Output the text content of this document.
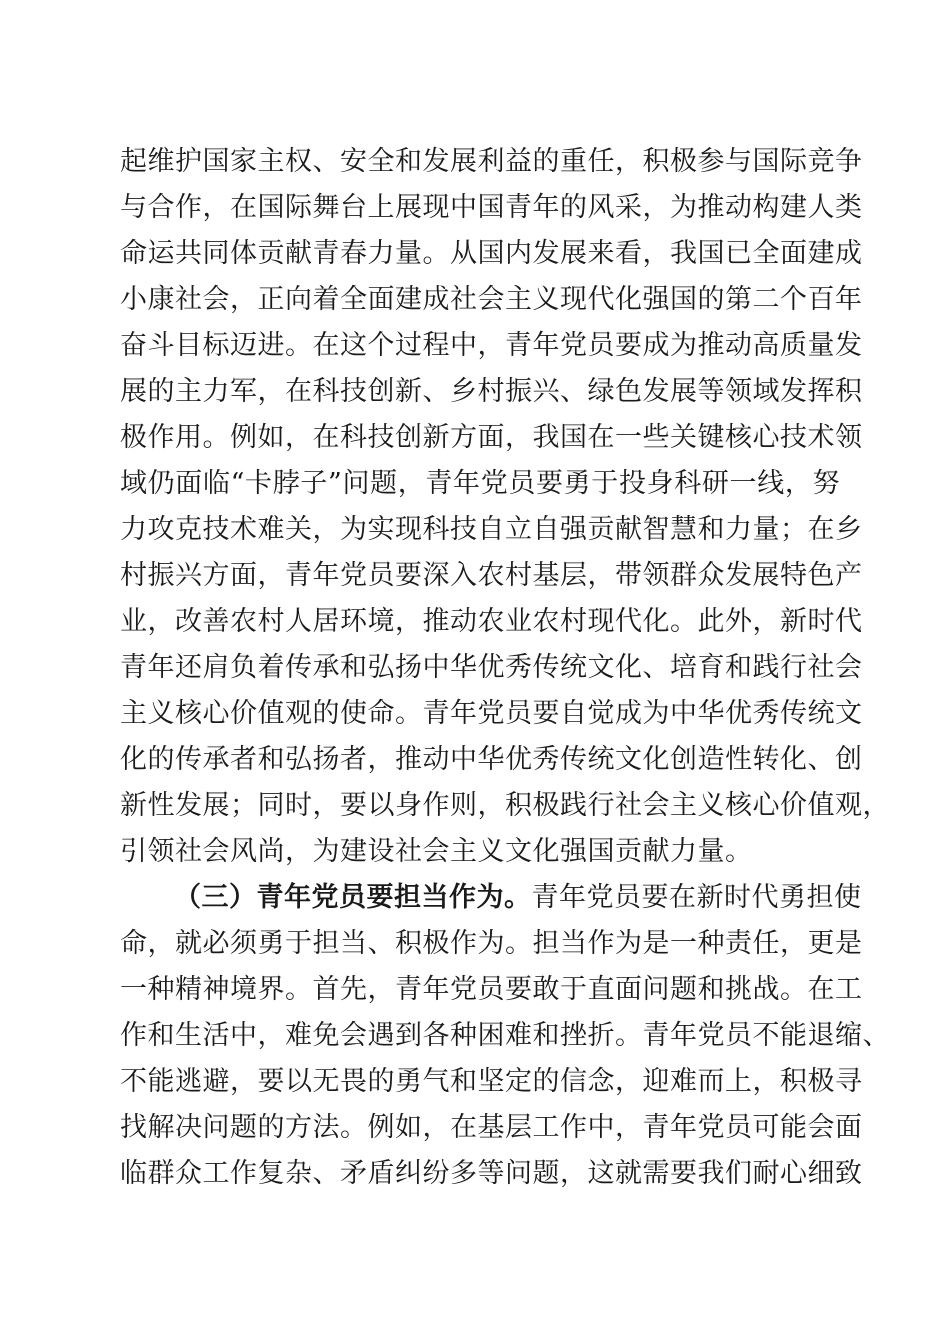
起维护国家主权、安全和发展利益的重任，积极参与国际竞争
与合作，在国际舞台上展现中国青年的风采，为推动构建人类
命运共同体贡献青春力量。从国内发展来看，我国已全面建成
小康社会，正向着全面建成社会主义现代化强国的第二个百年
奋斗目标迈进。在这个过程中，青年党员要成为推动高质量发
展的主力军，在科技创新、乡村振兴、绿色发展等领域发挥积
极作用。例如，在科技创新方面，我国在一些关键核心技术领
域仍面临“卡脖子”问题，青年党员要勇于投身科研一线，努
力攻克技术难关，为实现科技自立自强贡献智慧和力量；在乡
村振兴方面，青年党员要深入农村基层，带领群众发展特色产
业，改善农村人居环境，推动农业农村现代化。此外，新时代
青年还肩负着传承和弘扬中华优秀传统文化、培育和践行社会
主义核心价值观的使命。青年党员要自觉成为中华优秀传统文
化的传承者和弘扬者，推动中华优秀传统文化创造性转化、创
新性发展；同时，要以身作则，积极践行社会主义核心价值观，
引领社会风尚，为建设社会主义文化强国贡献力量。
（三）青年党员要担当作为。青年党员要在新时代勇担使
命，就必须勇于担当、积极作为。担当作为是一种责任，更是
一种精神境界。首先，青年党员要敢于直面问题和挑战。在工
作和生活中，难免会遇到各种困难和挫折。青年党员不能退缩、
不能逃避，要以无畏的勇气和坚定的信念，迎难而上，积极寻
找解决问题的方法。例如，在基层工作中，青年党员可能会面
临群众工作复杂、矛盾纠纷多等问题，这就需要我们耐心细致
